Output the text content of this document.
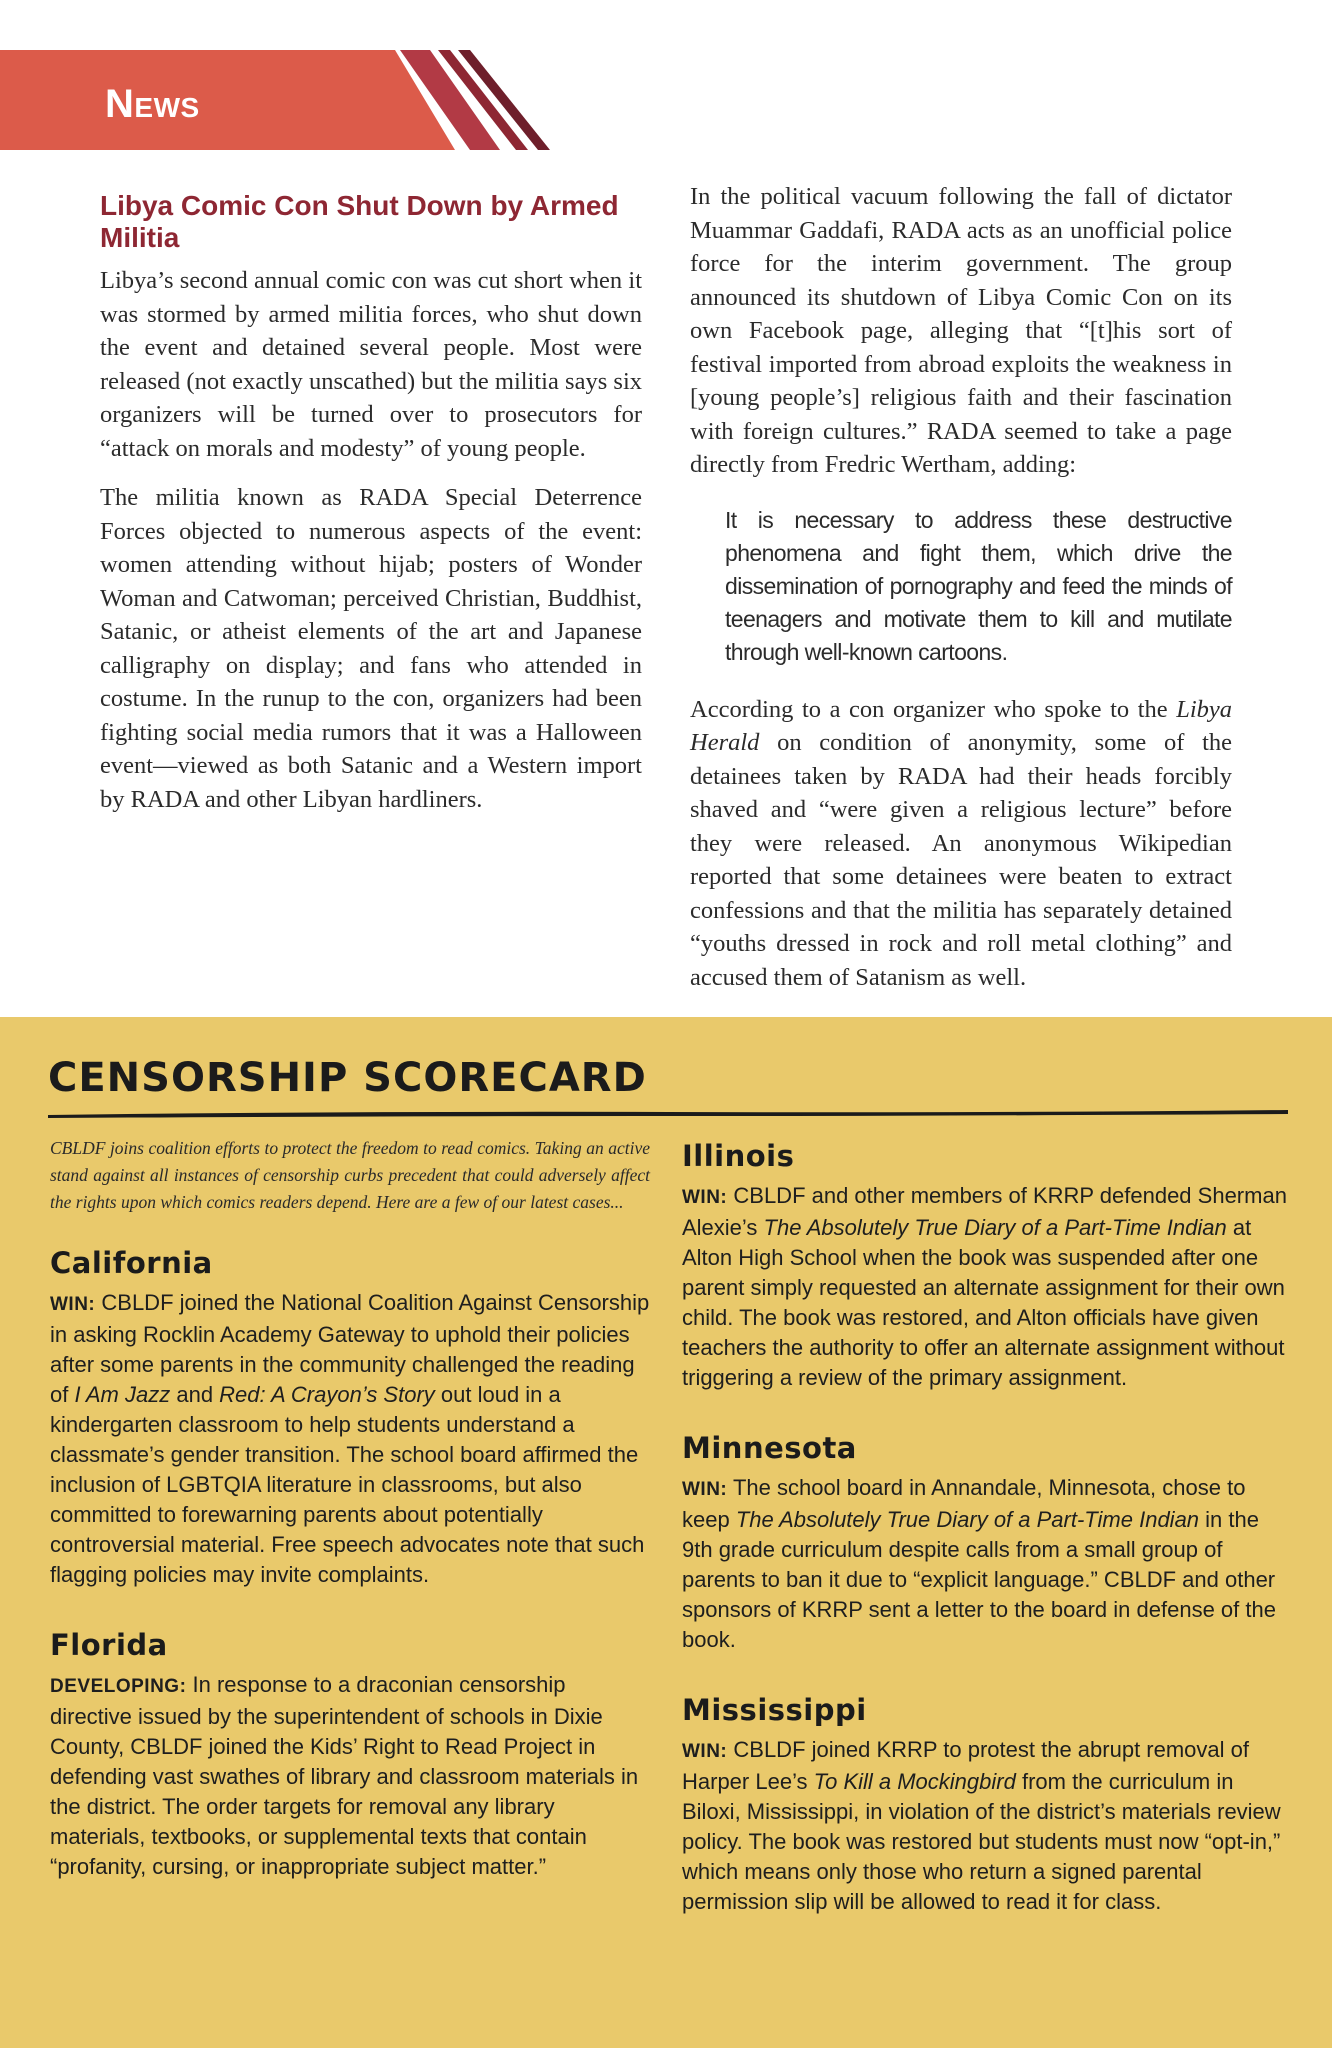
News
Libya Comic Con Shut Down by Armed Militia

Libya’s second annual comic con was cut short when it was stormed by armed militia forces, who shut down the event and detained several people. Most were released (not exactly unscathed) but the militia says six organizers will be turned over to prosecutors for “attack on morals and modesty” of young people.

The militia known as RADA Special Deterrence Forces objected to numerous aspects of the event: women attending without hijab; posters of Wonder Woman and Catwoman; perceived Christian, Buddhist, Satanic, or atheist elements of the art and Japanese calligraphy on display; and fans who attended in costume. In the runup to the con, organizers had been fighting social media rumors that it was a Halloween event—viewed as both Satanic and a Western import by RADA and other Libyan hardliners.

In the political vacuum following the fall of dictator Muammar Gaddafi, RADA acts as an unofficial police force for the interim government. The group announced its shutdown of Libya Comic Con on its own Facebook page, alleging that “[t]his sort of festival imported from abroad exploits the weakness in [young people’s] religious faith and their fascination with foreign cultures.” RADA seemed to take a page directly from Fredric Wertham, adding:

It is necessary to address these destructive phenomena and fight them, which drive the dissemination of pornography and feed the minds of teenagers and motivate them to kill and mutilate through well-known cartoons.

According to a con organizer who spoke to the Libya Herald on condition of anonymity, some of the detainees taken by RADA had their heads forcibly shaved and “were given a religious lecture” before they were released. An anonymous Wikipedian reported that some detainees were beaten to extract confessions and that the militia has separately detained “youths dressed in rock and roll metal clothing” and accused them of Satanism as well.

CENSORSHIP SCORECARD

CBLDF joins coalition efforts to protect the freedom to read comics. Taking an active stand against all instances of censorship curbs precedent that could adversely affect the rights upon which comics readers depend. Here are a few of our latest cases...

California

WIN: CBLDF joined the National Coalition Against Censorship in asking Rocklin Academy Gateway to uphold their policies after some parents in the community challenged the reading of I Am Jazz and Red: A Crayon’s Story out loud in a kindergarten classroom to help students understand a classmate’s gender transition. The school board affirmed the inclusion of LGBTQIA literature in classrooms, but also committed to forewarning parents about potentially controversial material. Free speech advocates note that such flagging policies may invite complaints.

Florida

DEVELOPING: In response to a draconian censorship directive issued by the superintendent of schools in Dixie County, CBLDF joined the Kids’ Right to Read Project in defending vast swathes of library and classroom materials in the district. The order targets for removal any library materials, textbooks, or supplemental texts that contain “profanity, cursing, or inappropriate subject matter.”

Illinois

WIN: CBLDF and other members of KRRP defended Sherman Alexie’s The Absolutely True Diary of a Part-Time Indian at Alton High School when the book was suspended after one parent simply requested an alternate assignment for their own child. The book was restored, and Alton officials have given teachers the authority to offer an alternate assignment without triggering a review of the primary assignment.

Minnesota

WIN: The school board in Annandale, Minnesota, chose to keep The Absolutely True Diary of a Part-Time Indian in the 9th grade curriculum despite calls from a small group of parents to ban it due to “explicit language.” CBLDF and other sponsors of KRRP sent a letter to the board in defense of the book.

Mississippi

WIN: CBLDF joined KRRP to protest the abrupt removal of Harper Lee’s To Kill a Mockingbird from the curriculum in Biloxi, Mississippi, in violation of the district’s materials review policy. The book was restored but students must now “opt-in,” which means only those who return a signed parental permission slip will be allowed to read it for class.
